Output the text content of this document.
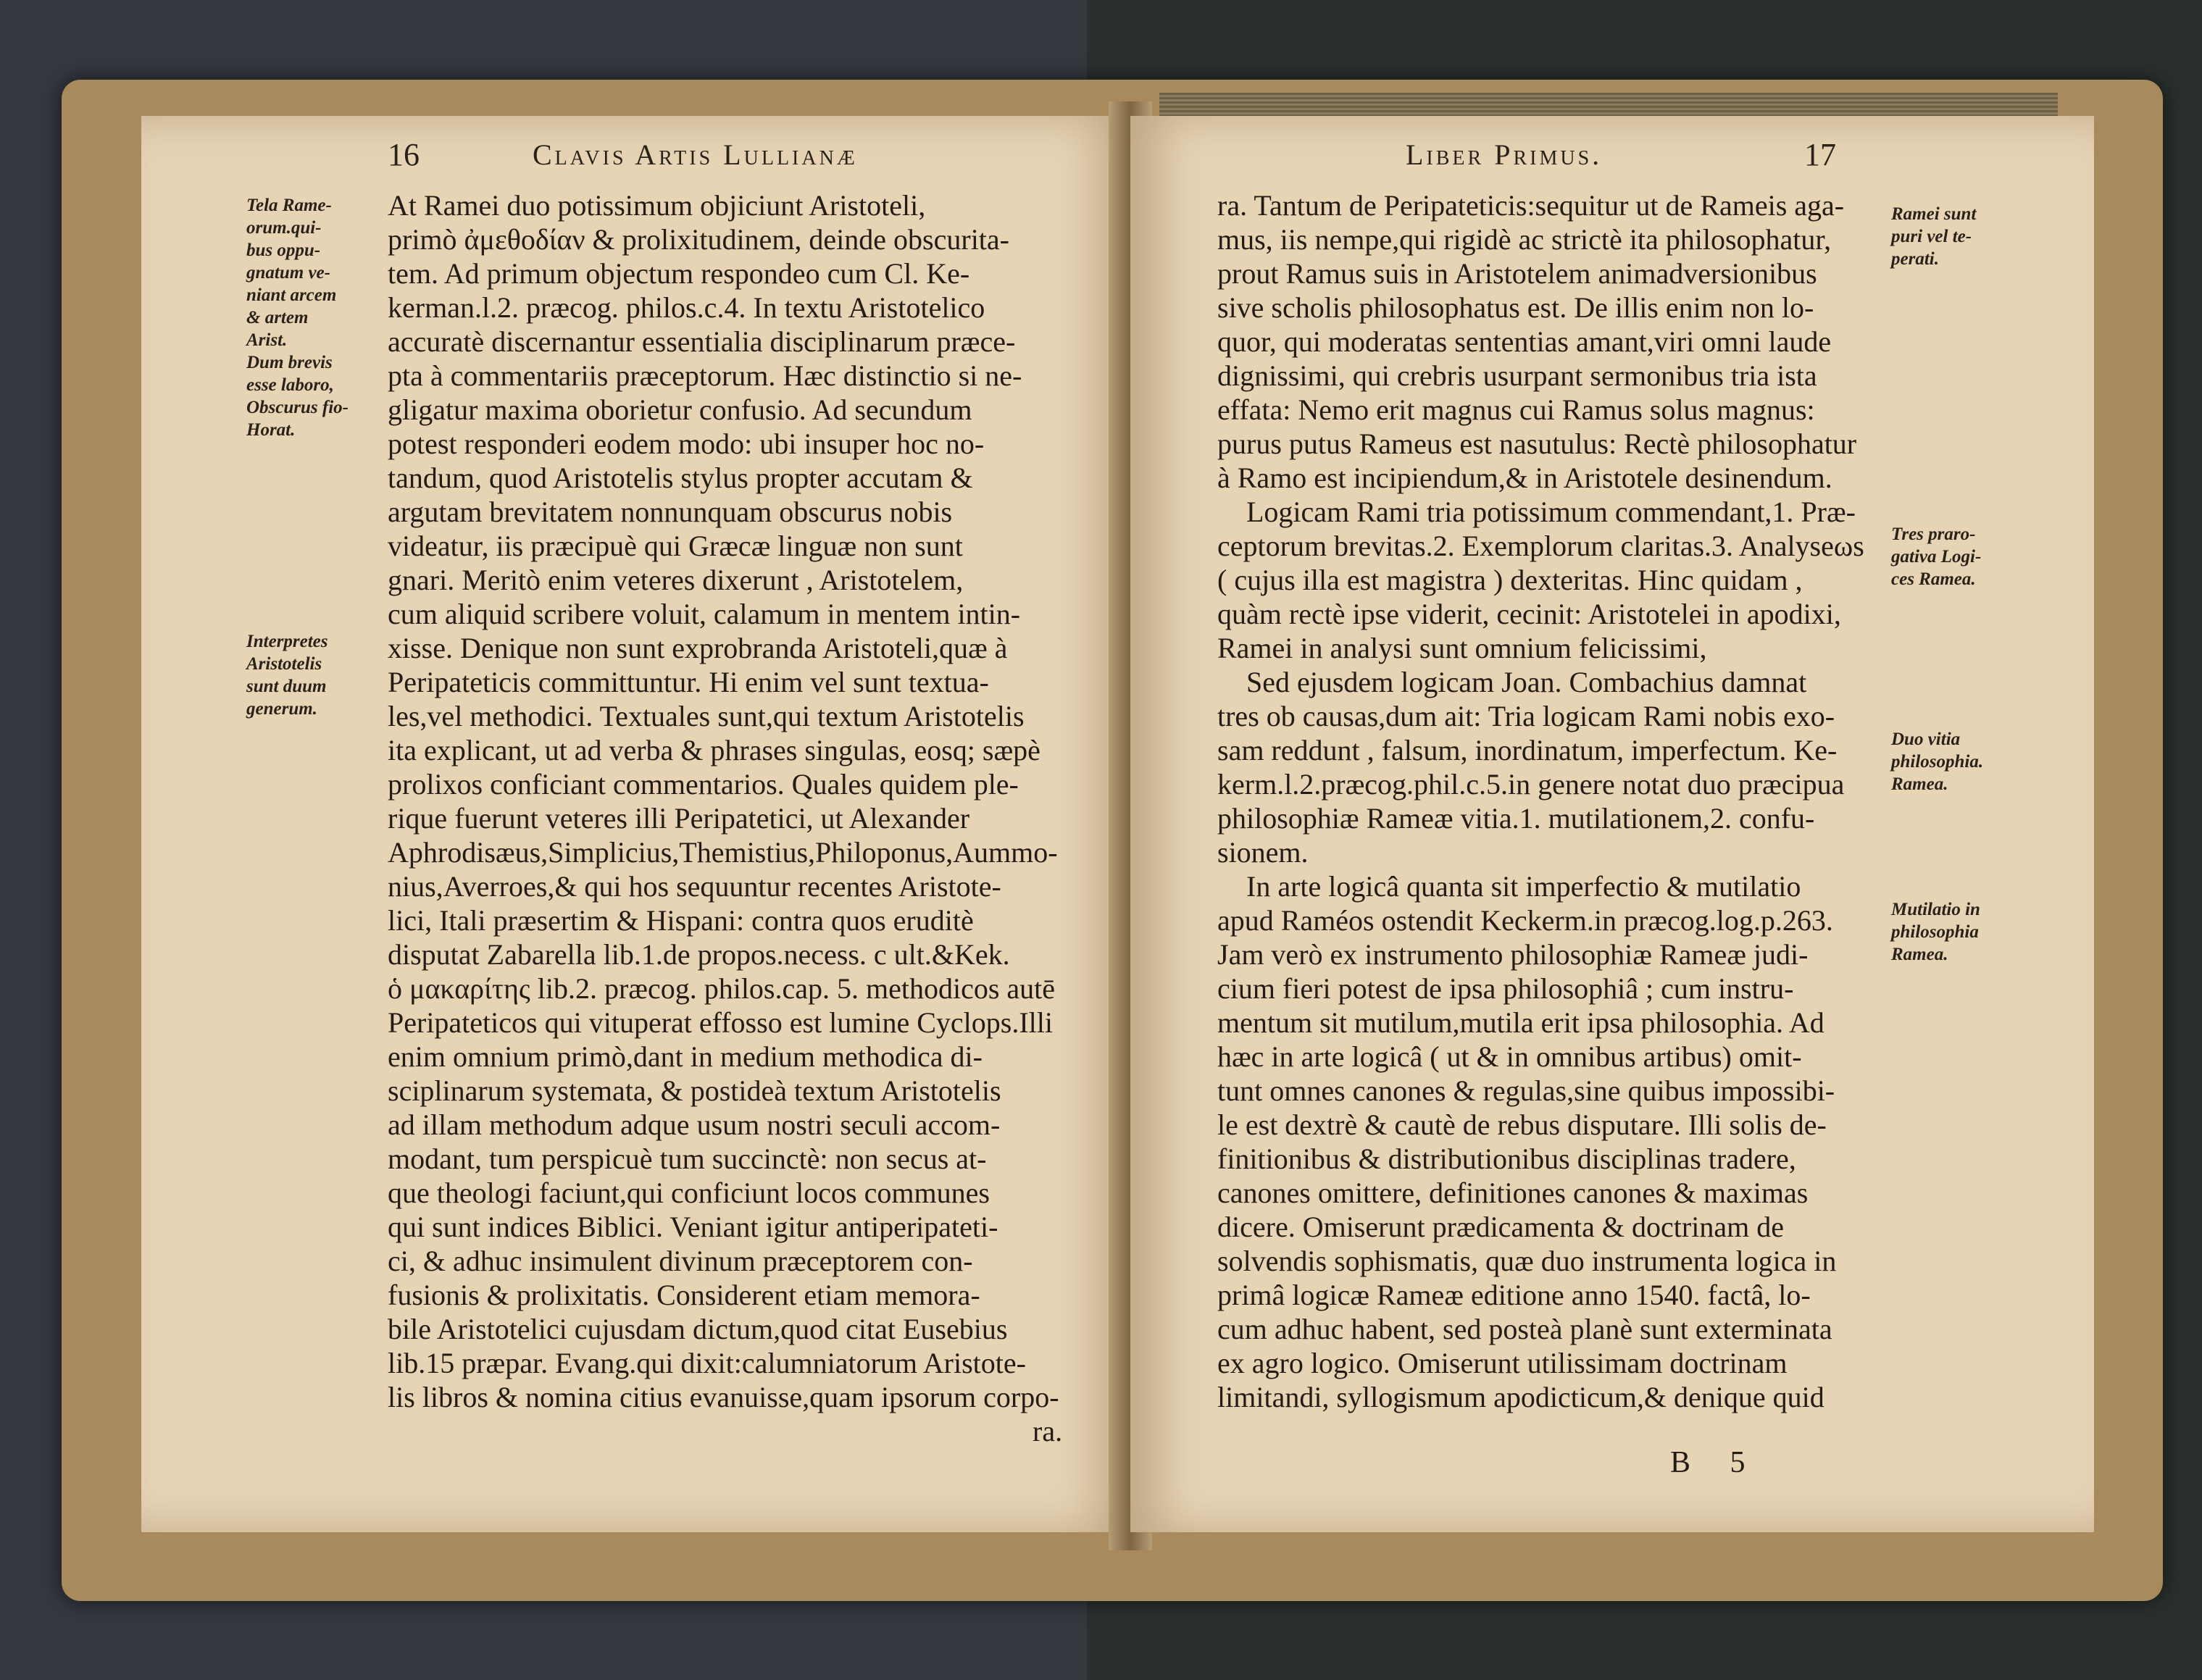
16	Clavis Artis Lullianæ
Tela Rame-
orum.qui-
bus oppu-
gnatum ve-
niant arcem
& artem
Arist.
Dum brevis
esse laboro,
Obscurus fio-
Horat.
Interpretes
Aristotelis
sunt duum
generum.
At Ramei duo potissimum objiciunt Aristoteli,
primò ἀμεθοδίαν & prolixitudinem, deinde obscurita-
tem. Ad primum objectum respondeo cum Cl. Ke-
kerman.l.2. præcog. philos.c.4. In textu Aristotelico
accuratè discernantur essentialia disciplinarum præce-
pta à commentariis præceptorum. Hæc distinctio si ne-
gligatur maxima oborietur confusio. Ad secundum
potest responderi eodem modo: ubi insuper hoc no-
tandum, quod Aristotelis stylus propter accutam &
argutam brevitatem nonnunquam obscurus nobis
videatur, iis præcipuè qui Græcæ linguæ non sunt
gnari. Meritò enim veteres dixerunt , Aristotelem,
cum aliquid scribere voluit, calamum in mentem intin-
xisse. Denique non sunt exprobranda Aristoteli,quæ à
Peripateticis committuntur. Hi enim vel sunt textua-
les,vel methodici. Textuales sunt,qui textum Aristotelis
ita explicant, ut ad verba & phrases singulas, eosq; sæpè
prolixos conficiant commentarios. Quales quidem ple-
rique fuerunt veteres illi Peripatetici, ut Alexander
Aphrodisæus,Simplicius,Themistius,Philoponus,Aummo-
nius,Averroes,& qui hos sequuntur recentes Aristote-
lici, Itali præsertim & Hispani: contra quos eruditè
disputat Zabarella lib.1.de propos.necess. c ult.&Kek.
ὁ μακαρίτης lib.2. præcog. philos.cap. 5. methodicos autē
Peripateticos qui vituperat effosso est lumine Cyclops.Illi
enim omnium primò,dant in medium methodica di-
sciplinarum systemata, & postideà textum Aristotelis
ad illam methodum adque usum nostri seculi accom-
modant, tum perspicuè tum succinctè: non secus at-
que theologi faciunt,qui conficiunt locos communes
qui sunt indices Biblici. Veniant igitur antiperipateti-
ci, & adhuc insimulent divinum præceptorem con-
fusionis & prolixitatis. Considerent etiam memora-
bile Aristotelici cujusdam dictum,quod citat Eusebius
lib.15 præpar. Evang.qui dixit:calumniatorum Aristote-
lis libros & nomina citius evanuisse,quam ipsorum corpo-
ra.
Liber Primus.	17
ra. Tantum de Peripateticis:sequitur ut de Rameis aga-
mus, iis nempe,qui rigidè ac strictè ita philosophatur,
prout Ramus suis in Aristotelem animadversionibus
sive scholis philosophatus est. De illis enim non lo-
quor, qui moderatas sententias amant,viri omni laude
dignissimi, qui crebris usurpant sermonibus tria ista
effata: Nemo erit magnus cui Ramus solus magnus:
purus putus Rameus est nasutulus: Rectè philosophatur
à Ramo est incipiendum,& in Aristotele desinendum.
Logicam Rami tria potissimum commendant,1. Præ-
ceptorum brevitas.2. Exemplorum claritas.3. Analyseωs
( cujus illa est magistra ) dexteritas. Hinc quidam ,
quàm rectè ipse viderit, cecinit: Aristotelei in apodixi,
Ramei in analysi sunt omnium felicissimi,
Sed ejusdem logicam Joan. Combachius damnat
tres ob causas,dum ait: Tria logicam Rami nobis exo-
sam reddunt , falsum, inordinatum, imperfectum. Ke-
kerm.l.2.præcog.phil.c.5.in genere notat duo præcipua
philosophiæ Rameæ vitia.1. mutilationem,2. confu-
sionem.
In arte logicâ quanta sit imperfectio & mutilatio
apud Raméos ostendit Keckerm.in præcog.log.p.263.
Jam verò ex instrumento philosophiæ Rameæ judi-
cium fieri potest de ipsa philosophiâ ; cum instru-
mentum sit mutilum,mutila erit ipsa philosophia. Ad
hæc in arte logicâ ( ut & in omnibus artibus) omit-
tunt omnes canones & regulas,sine quibus impossibi-
le est dextrè & cautè de rebus disputare. Illi solis de-
finitionibus & distributionibus disciplinas tradere,
canones omittere, definitiones canones & maximas
dicere. Omiserunt prædicamenta & doctrinam de
solvendis sophismatis, quæ duo instrumenta logica in
primâ logicæ Rameæ editione anno 1540. factâ, lo-
cum adhuc habent, sed posteà planè sunt exterminata
ex agro logico. Omiserunt utilissimam doctrinam
limitandi, syllogismum apodicticum,& denique quid
Ramei sunt
puri vel te-
perati.
Tres praro-
gativa Logi-
ces Ramea.
Duo vitia
philosophia.
Ramea.
Mutilatio in
philosophia
Ramea.
B 5
